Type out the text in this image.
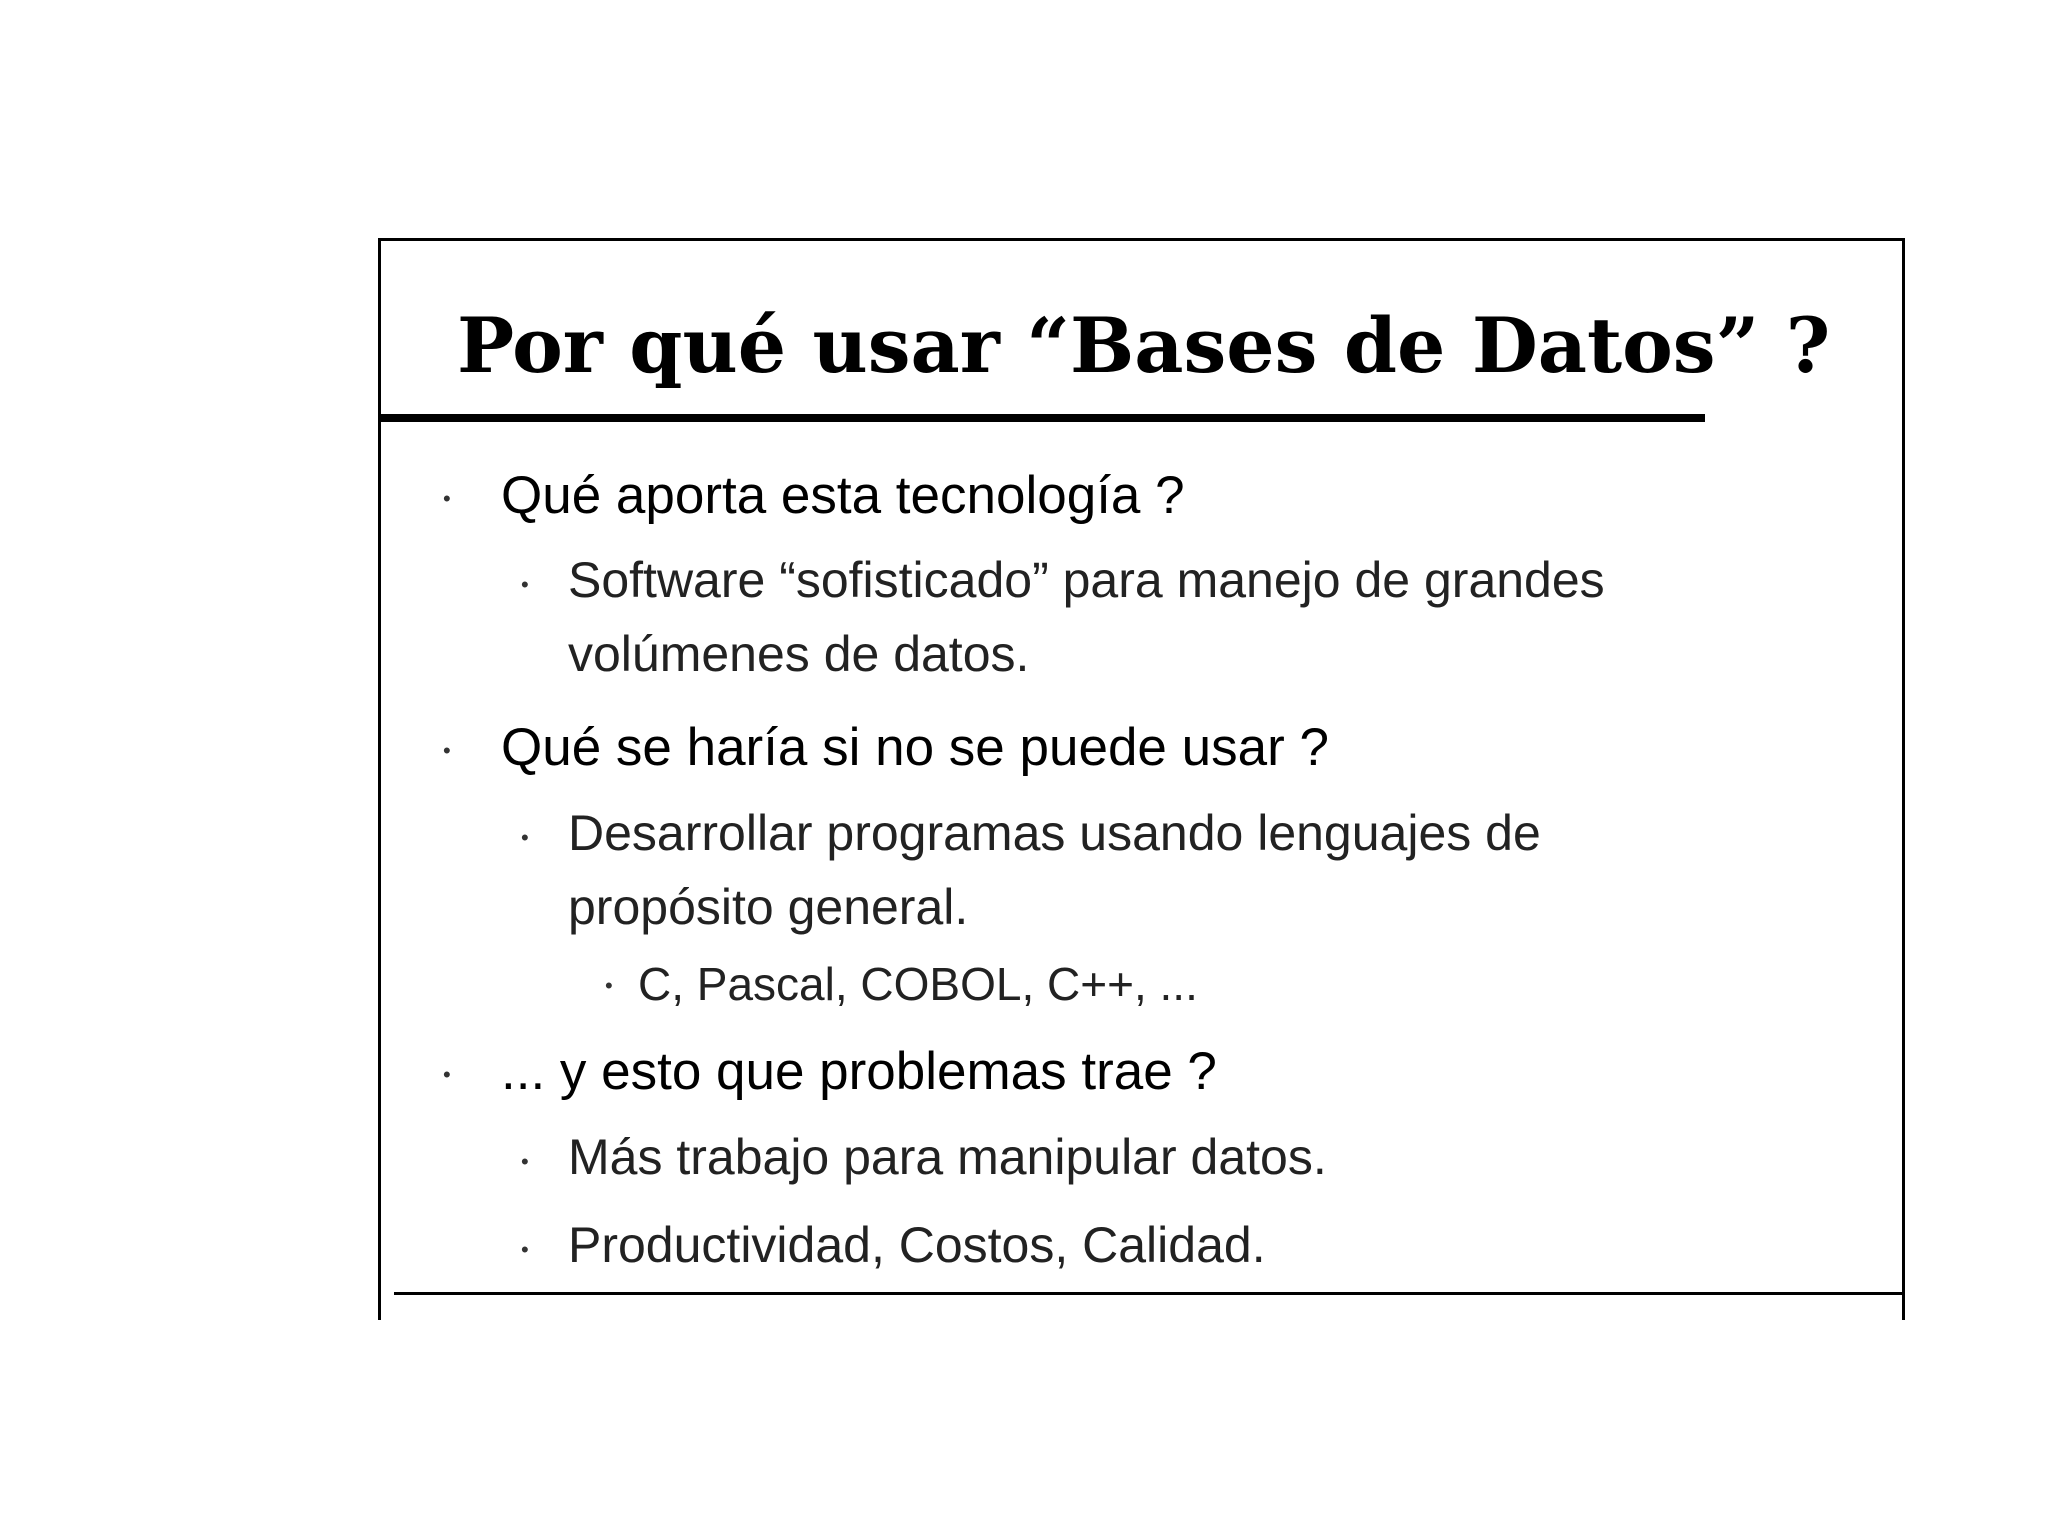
Por qué usar “Bases de Datos” ?
• Qué aporta esta tecnología ?
• Software “sofisticado” para manejo de grandes
volúmenes de datos.
• Qué se haría si no se puede usar ?
• Desarrollar programas usando lenguajes de
propósito general.
• C, Pascal, COBOL, C++, ...
• ... y esto que problemas trae ?
• Más trabajo para manipular datos.
• Productividad, Costos, Calidad.
